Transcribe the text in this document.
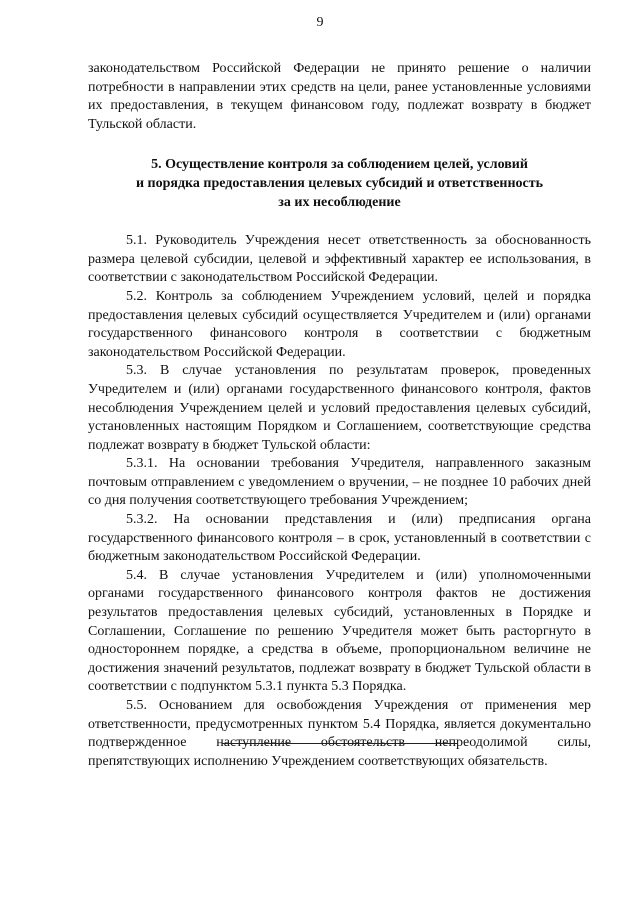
9

законодательством Российской Федерации не принято решение о наличии потребности в направлении этих средств на цели, ранее установленные условиями их предоставления, в текущем финансовом году, подлежат возврату в бюджет Тульской области.

5. Осуществление контроля за соблюдением целей, условий
и порядка предоставления целевых субсидий и ответственность
за их несоблюдение

5.1. Руководитель Учреждения несет ответственность за обоснованность размера целевой субсидии, целевой и эффективный характер ее использования, в соответствии с законодательством Российской Федерации.

5.2. Контроль за соблюдением Учреждением условий, целей и порядка предоставления целевых субсидий осуществляется Учредителем и (или) органами государственного финансового контроля в соответствии с бюджетным законодательством Российской Федерации.

5.3. В случае установления по результатам проверок, проведенных Учредителем и (или) органами государственного финансового контроля, фактов несоблюдения Учреждением целей и условий предоставления целевых субсидий, установленных настоящим Порядком и Соглашением, соответствующие средства подлежат возврату в бюджет Тульской области:

5.3.1. На основании требования Учредителя, направленного заказным почтовым отправлением с уведомлением о вручении, – не позднее 10 рабочих дней со дня получения соответствующего требования Учреждением;

5.3.2. На основании представления и (или) предписания органа государственного финансового контроля – в срок, установленный в соответствии с бюджетным законодательством Российской Федерации.

5.4. В случае установления Учредителем и (или) уполномоченными органами государственного финансового контроля фактов не достижения результатов предоставления целевых субсидий, установленных в Порядке и Соглашении, Соглашение по решению Учредителя может быть расторгнуто в одностороннем порядке, а средства в объеме, пропорциональном величине не достижения значений результатов, подлежат возврату в бюджет Тульской области в соответствии с подпунктом 5.3.1 пункта 5.3 Порядка.

5.5. Основанием для освобождения Учреждения от применения мер ответственности, предусмотренных пунктом 5.4 Порядка, является документально подтвержденное наступление обстоятельств непреодолимой силы, препятствующих исполнению Учреждением соответствующих обязательств.
